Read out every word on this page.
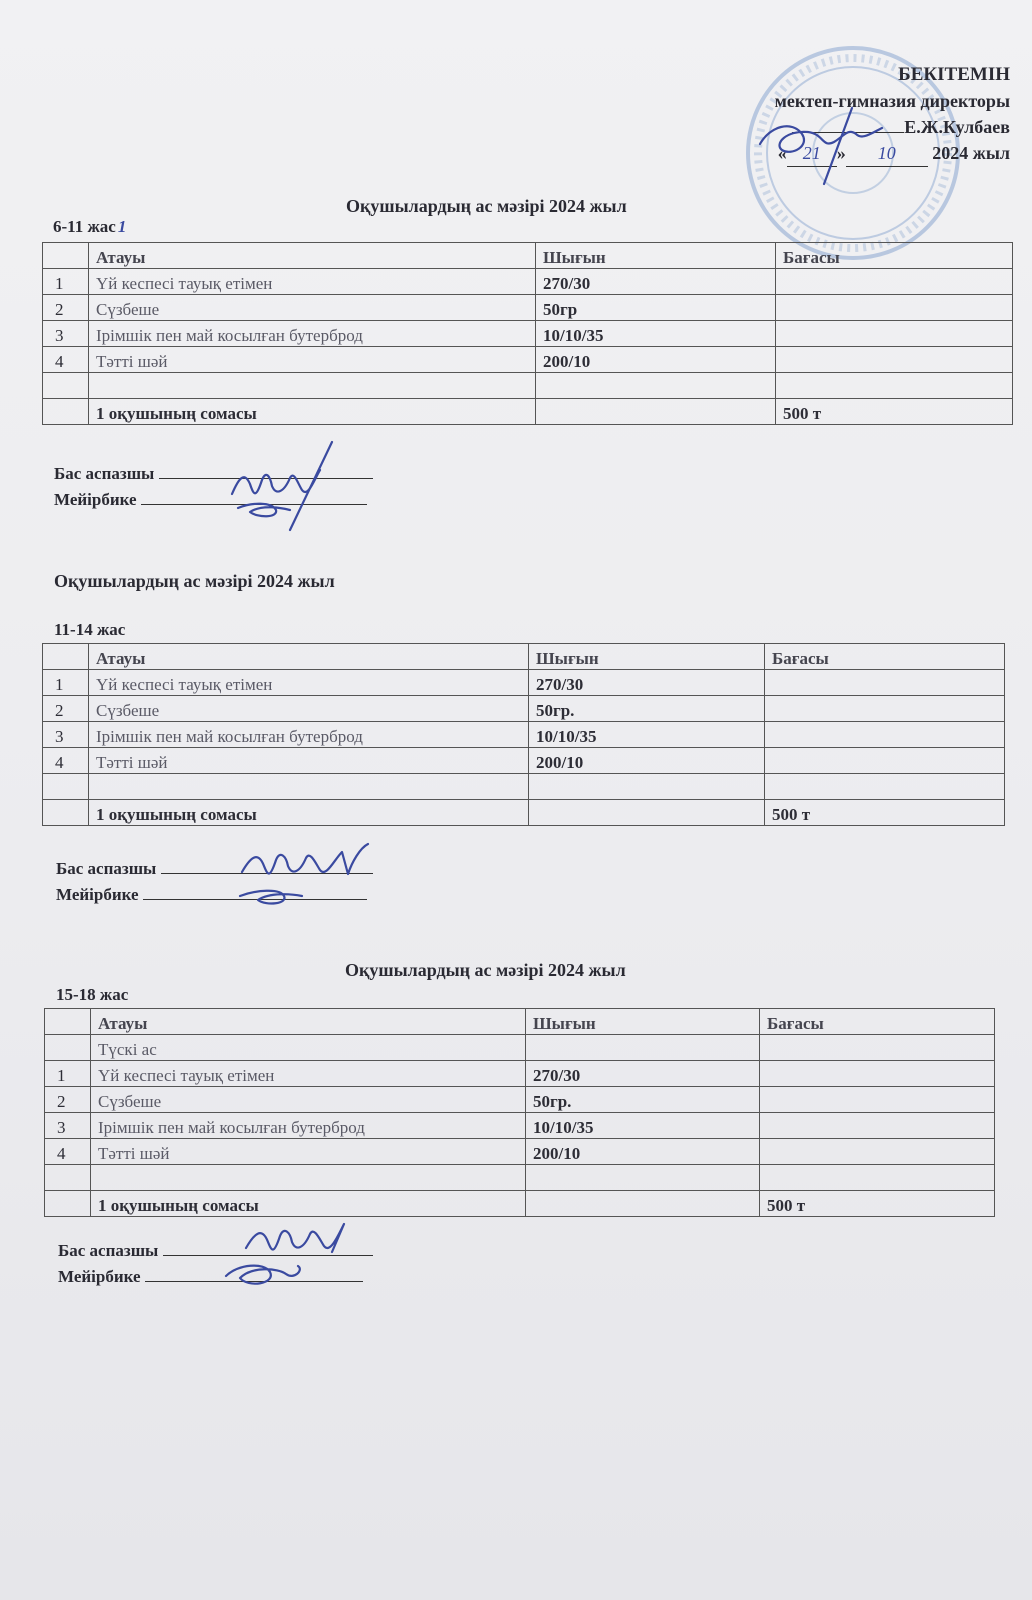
БЕКІТЕМІН
мектеп-гимназия директоры
Е.Ж.Кулбаев
« 21 » 10 2024 жыл
Оқушылардың ас мәзірі 2024 жыл
6-11 жас 1
	Атауы	Шығын	Бағасы
1	Үй кеспесі тауық етімен	270/30	
2	Сүзбеше	50гр	
3	Ірімшік пен май косылған бутерброд	10/10/35	
4	Тәтті шәй	200/10	

	1 оқушының сомасы		500 т
Бас аспазшы
Мейірбике
Оқушылардың ас мәзірі 2024 жыл
11-14 жас
	Атауы	Шығын	Бағасы
1	Үй кеспесі тауық етімен	270/30	
2	Сүзбеше	50гр.	
3	Ірімшік пен май косылған бутерброд	10/10/35	
4	Тәтті шәй	200/10	

	1 оқушының сомасы		500 т
Бас аспазшы
Мейірбике
Оқушылардың ас мәзірі 2024 жыл
15-18 жас
	Атауы	Шығын	Бағасы
	Түскі ас		
1	Үй кеспесі тауық етімен	270/30	
2	Сүзбеше	50гр.	
3	Ірімшік пен май косылған бутерброд	10/10/35	
4	Тәтті шәй	200/10	

	1 оқушының сомасы		500 т
Бас аспазшы
Мейірбике
